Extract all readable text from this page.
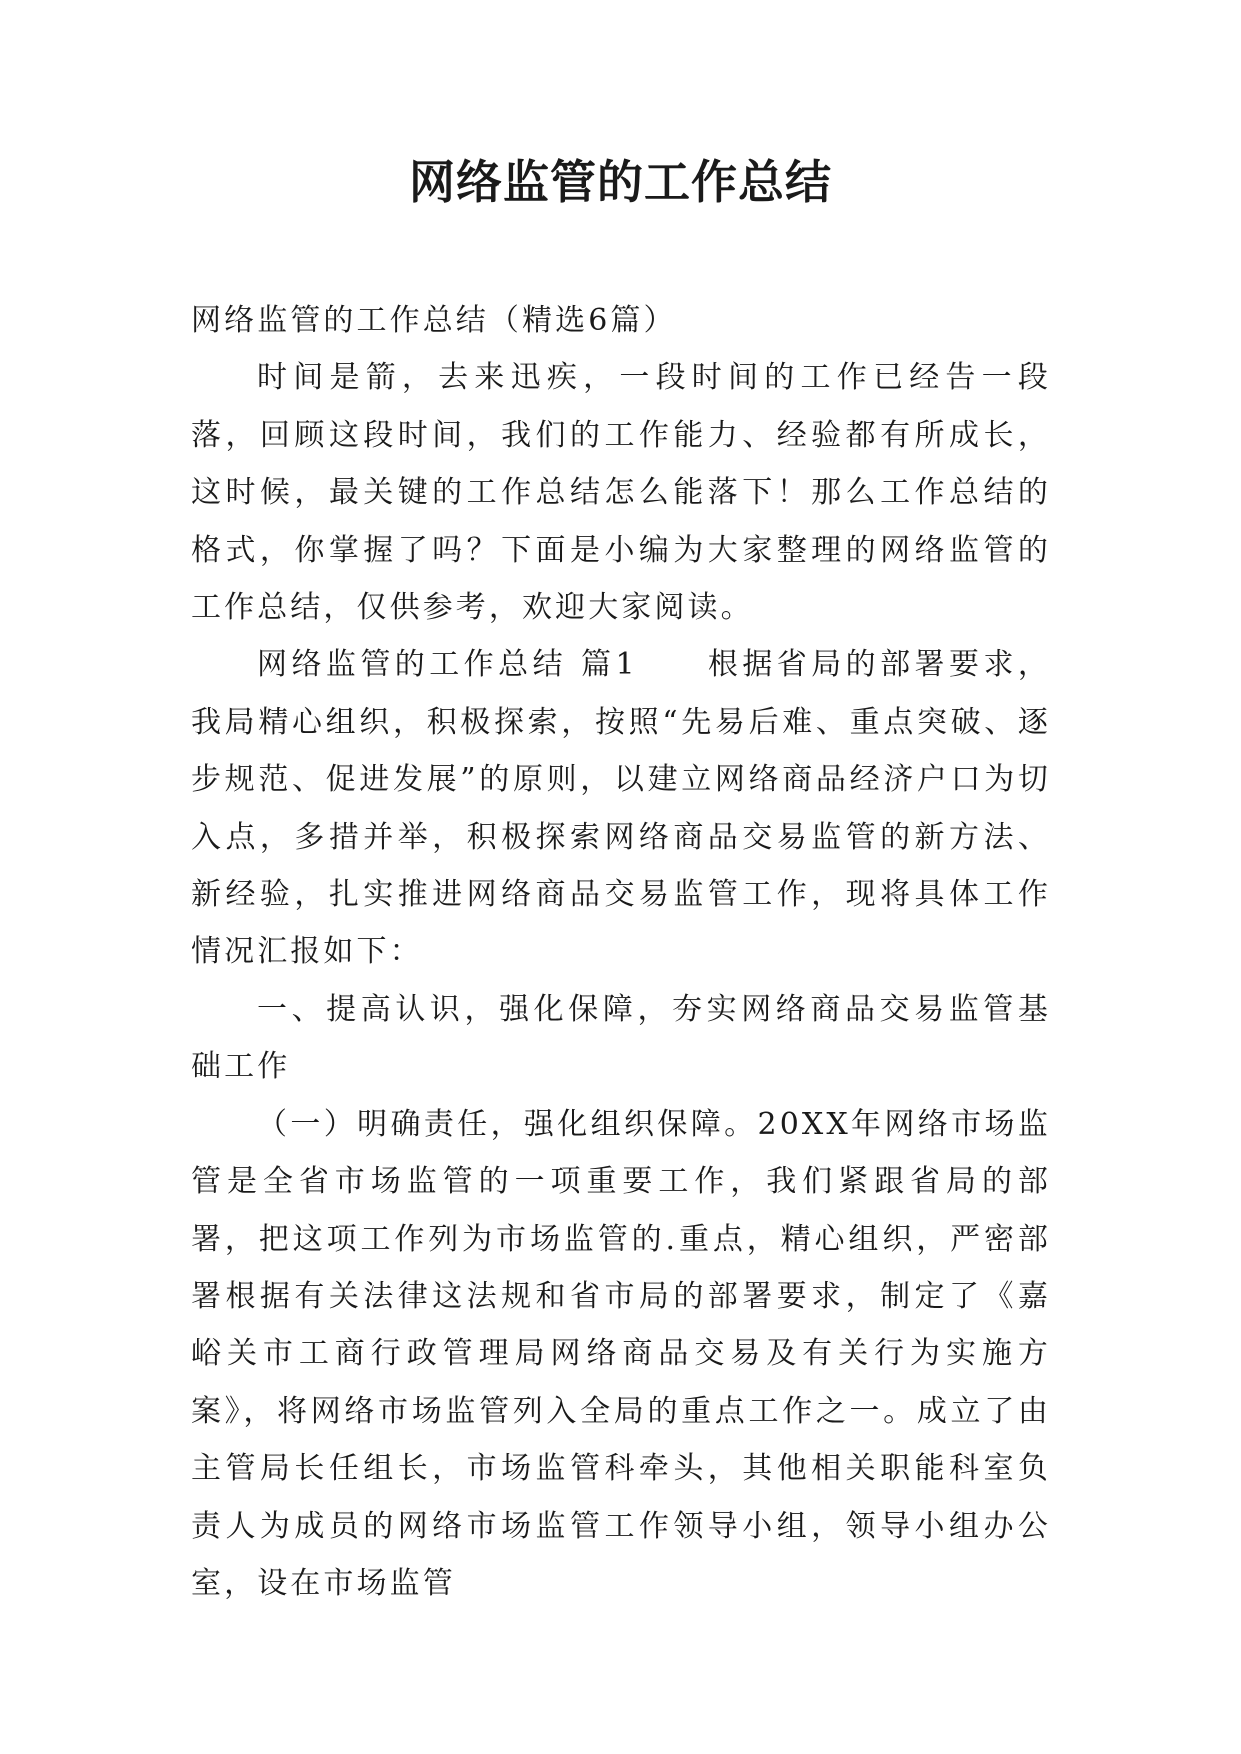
网络监管的工作总结

网络监管的工作总结（精选6篇）

时间是箭，去来迅疾，一段时间的工作已经告一段落，回顾这段时间，我们的工作能力、经验都有所成长，这时候，最关键的工作总结怎么能落下！那么工作总结的格式，你掌握了吗？下面是小编为大家整理的网络监管的工作总结，仅供参考，欢迎大家阅读。

网络监管的工作总结 篇1　　根据省局的部署要求，我局精心组织，积极探索，按照“先易后难、重点突破、逐步规范、促进发展”的原则，以建立网络商品经济户口为切入点，多措并举，积极探索网络商品交易监管的新方法、新经验，扎实推进网络商品交易监管工作，现将具体工作情况汇报如下：

一、提高认识，强化保障，夯实网络商品交易监管基础工作

（一）明确责任，强化组织保障。20XX年网络市场监管是全省市场监管的一项重要工作，我们紧跟省局的部署，把这项工作列为市场监管的.重点，精心组织，严密部署根据有关法律这法规和省市局的部署要求，制定了《嘉峪关市工商行政管理局网络商品交易及有关行为实施方案》，将网络市场监管列入全局的重点工作之一。成立了由主管局长任组长，市场监管科牵头，其他相关职能科室负责人为成员的网络市场监管工作领导小组，领导小组办公室，设在市场监管
